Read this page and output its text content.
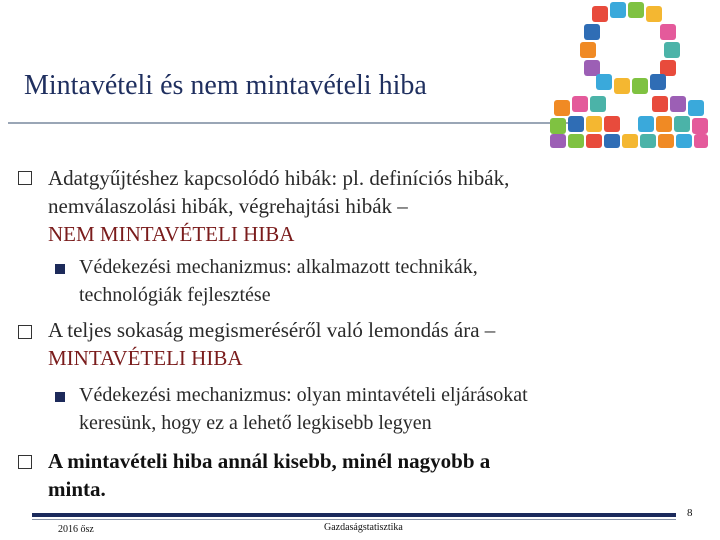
Mintavételi és nem mintavételi hiba
Adatgyűjtéshez kapcsolódó hibák: pl. definíciós hibák,
nemválaszolási hibák, végrehajtási hibák –
NEM MINTAVÉTELI HIBA
Védekezési mechanizmus: alkalmazott technikák,
technológiák fejlesztése
A teljes sokaság megismeréséről való lemondás ára –
MINTAVÉTELI HIBA
Védekezési mechanizmus: olyan mintavételi eljárásokat
keresünk, hogy ez a lehető legkisebb legyen
A mintavételi hiba annál kisebb, minél nagyobb a
minta.
8
2016 ősz	Gazdaságstatisztika
